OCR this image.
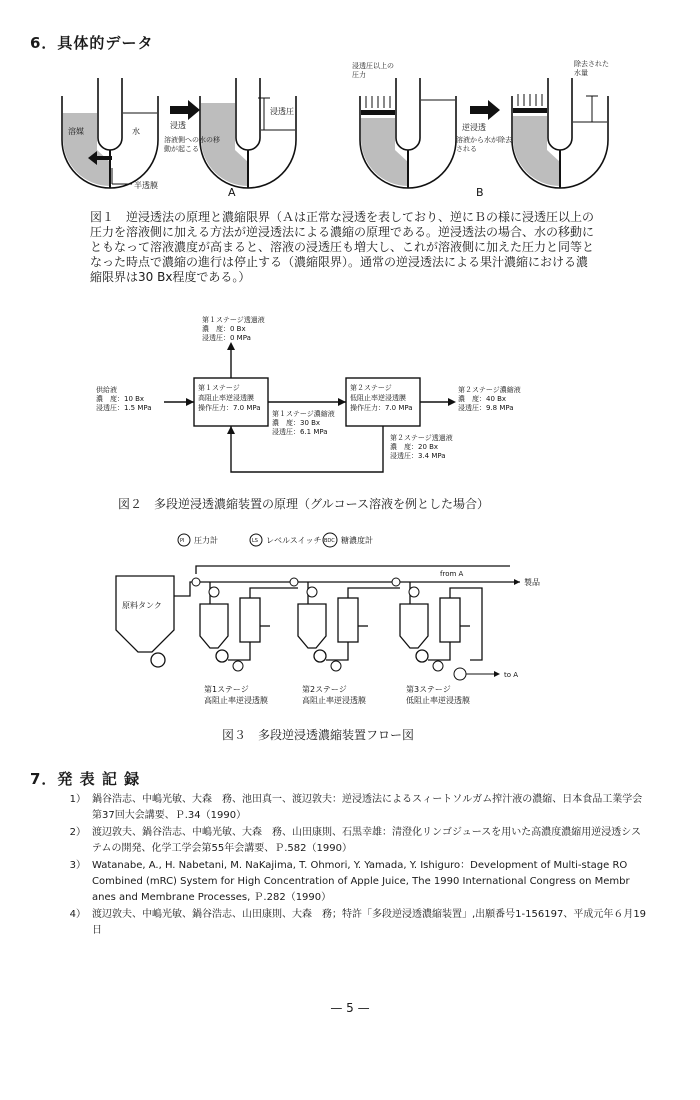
6．具体的データ
溶媒	水
半透膜
浸透
溶液側への水の移動が起こる
浸透圧
浸透圧以上の圧力
逆浸透
溶液から水が除去される
除去された水量
A	B
図１　逆浸透法の原理と濃縮限界（Ａは正常な浸透を表しており、逆にＢの様に浸透圧以上の圧力を溶液側に加える方法が逆浸透法による濃縮の原理である。逆浸透法の場合、水の移動にともなって溶液濃度が高まると、溶液の浸透圧も増大し、これが溶液側に加えた圧力と同等となった時点で濃縮の進行は停止する（濃縮限界）。通常の逆浸透法による果汁濃縮における濃縮限界は30 Bx程度である。）
第１ステージ透過液
濃　度：0 Bx
浸透圧：0 MPa
供給液
濃　度：10 Bx
浸透圧：1.5 MPa
第１ステージ
高阻止率逆浸透膜
操作圧力：7.0 MPa
第１ステージ濃縮液
濃　度：30 Bx
浸透圧：6.1 MPa
第２ステージ
低阻止率逆浸透膜
操作圧力：7.0 MPa
第２ステージ濃縮液
濃　度：40 Bx
浸透圧：9.8 MPa
第２ステージ透過液
濃　度：20 Bx
浸透圧：3.4 MPa
図２　多段逆浸透濃縮装置の原理（グルコース溶液を例とした場合）
PI	LS	BDC
圧力計	レベルスイッチ 糖濃度計
原料タンク
from A
製品
to A
第1ステージ
高阻止率逆浸透膜
第2ステージ
高阻止率逆浸透膜
第3ステージ
低阻止率逆浸透膜
図３　多段逆浸透濃縮装置フロー図
7．発 表 記 録
1） 鍋谷浩志、中嶋光敏、大森　務、池田真一、渡辺敦夫：逆浸透法によるスィートソルガム搾汁液の濃縮、日本食品工業学会第37回大会講要、Ｐ.34（1990）
2） 渡辺敦夫、鍋谷浩志、中嶋光敏、大森　務、山田康則、石黒幸雄：清澄化リンゴジュースを用いた高濃度濃縮用逆浸透システムの開発、化学工学会第55年会講要、Ｐ.582（1990）
3） Watanabe, A., H. Nabetani, M. NaKajima, T. Ohmori, Y. Yamada, Y. Ishiguro：Development of Multi-stage RO Combined (mRC) System for High Concentration of Apple Juice, The 1990 International Congress on Membr anes and Membrane Processes, Ｐ.282（1990）
4） 渡辺敦夫、中嶋光敏、鍋谷浩志、山田康則、大森　務；特許「多段逆浸透濃縮装置」,出願番号1-156197、平成元年６月19日
— 5 —
